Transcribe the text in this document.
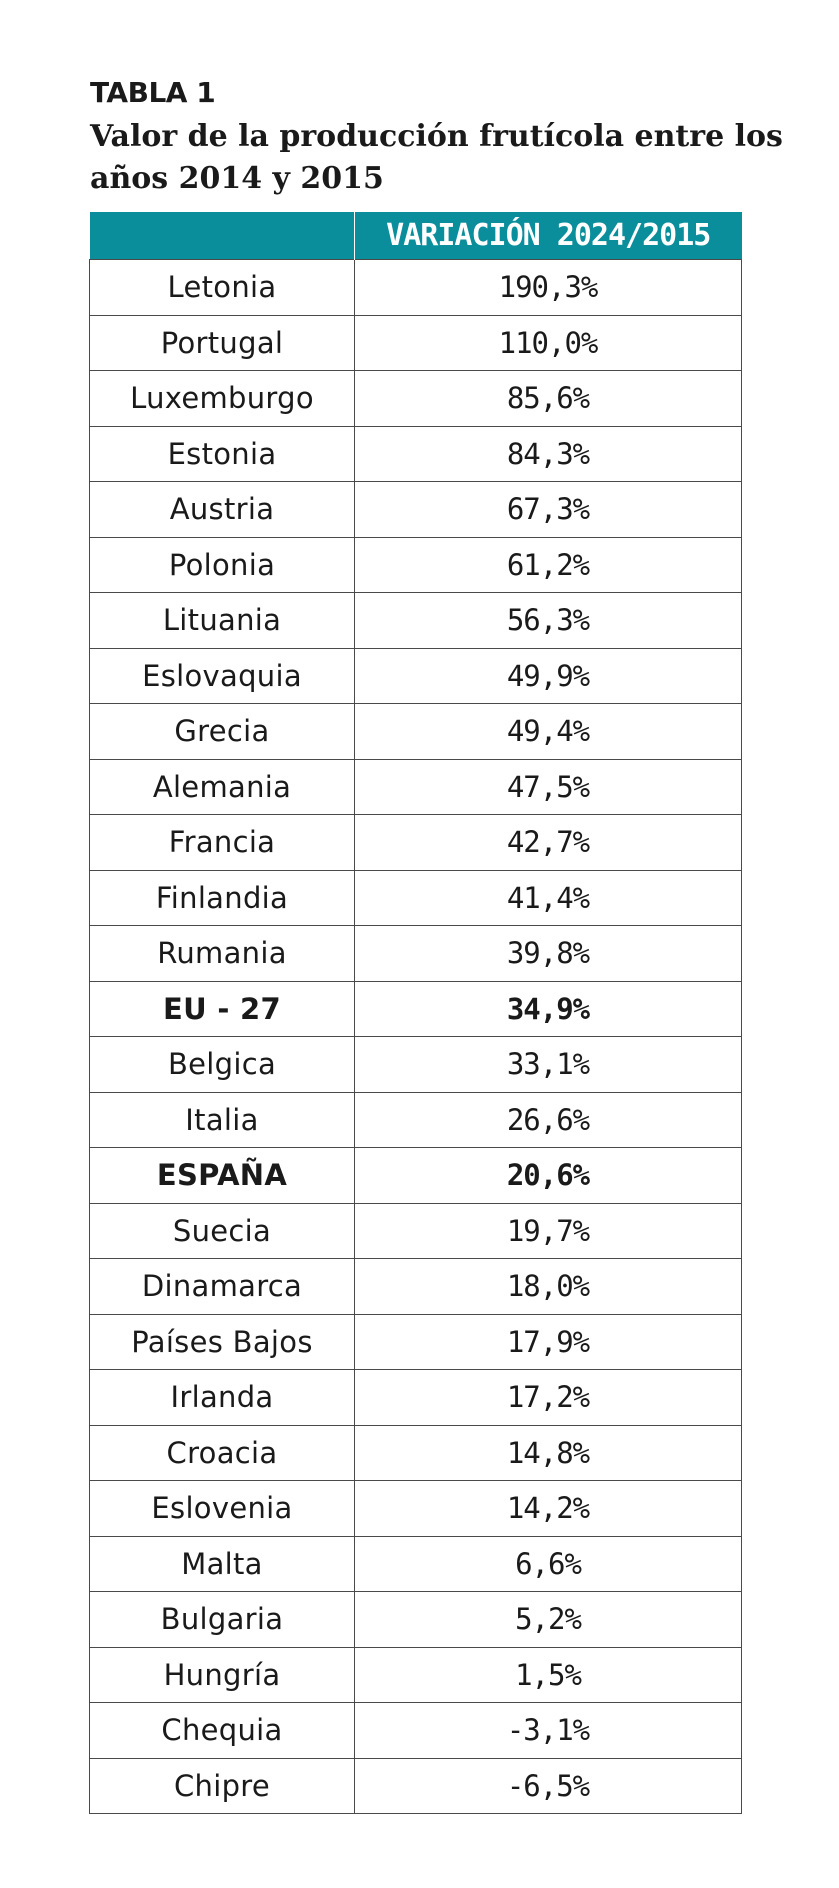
TABLA 1
Valor de la producción frutícola entre los años 2014 y 2015
	VARIACIÓN 2024/2015
Letonia	190,3%
Portugal	110,0%
Luxemburgo	85,6%
Estonia	84,3%
Austria	67,3%
Polonia	61,2%
Lituania	56,3%
Eslovaquia	49,9%
Grecia	49,4%
Alemania	47,5%
Francia	42,7%
Finlandia	41,4%
Rumania	39,8%
EU - 27	34,9%
Belgica	33,1%
Italia	26,6%
ESPAÑA	20,6%
Suecia	19,7%
Dinamarca	18,0%
Países Bajos	17,9%
Irlanda	17,2%
Croacia	14,8%
Eslovenia	14,2%
Malta	6,6%
Bulgaria	5,2%
Hungría	1,5%
Chequia	-3,1%
Chipre	-6,5%
